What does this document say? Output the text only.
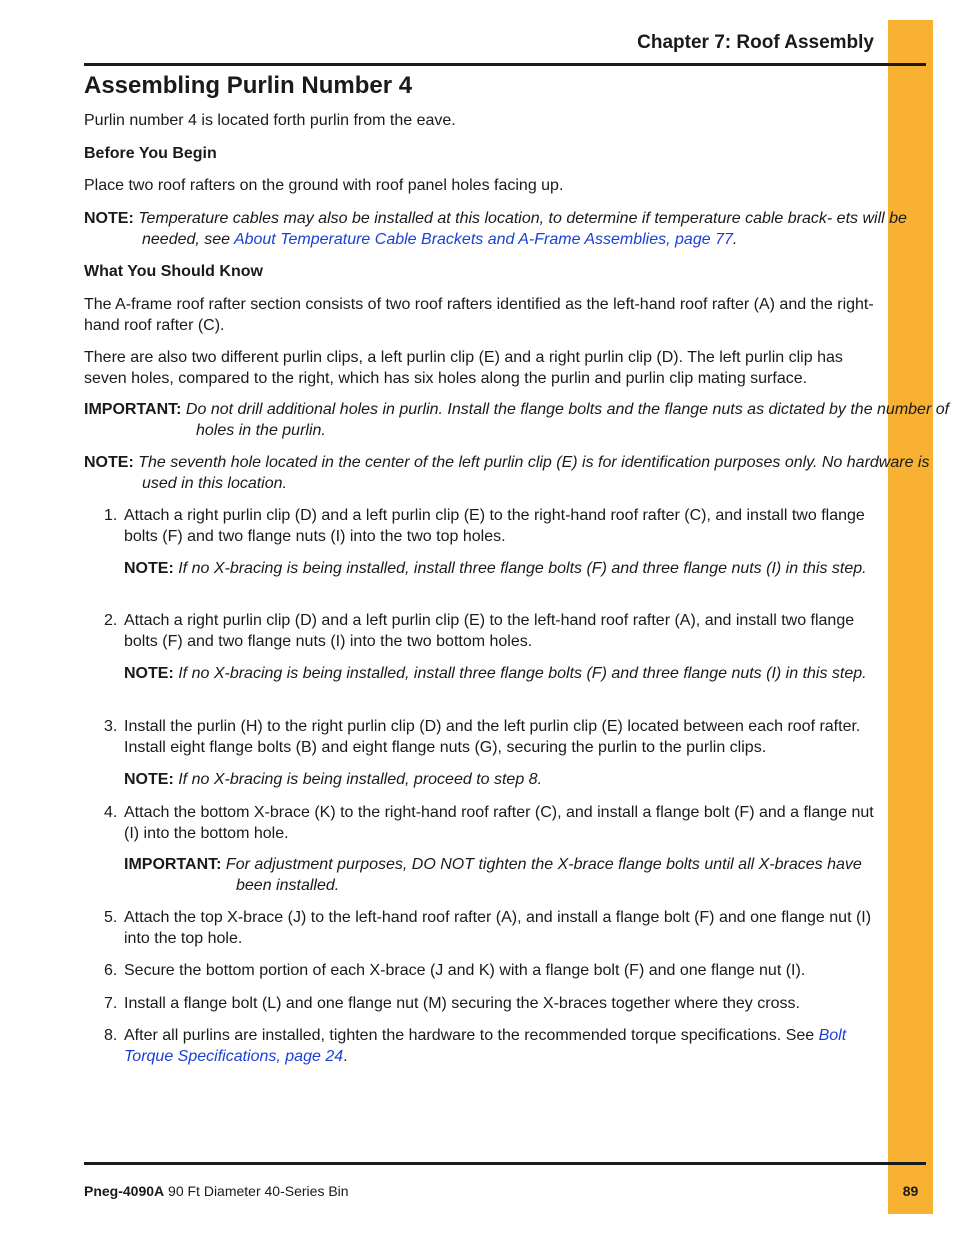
Chapter 7: Roof Assembly
Assembling Purlin Number 4

Purlin number 4 is located forth purlin from the eave.

Before You Begin

Place two roof rafters on the ground with roof panel holes facing up.

NOTE: Temperature cables may also be installed at this location, to determine if temperature cable brack- ets will be needed, see About Temperature Cable Brackets and A-Frame Assemblies, page 77.

What You Should Know

The A-frame roof rafter section consists of two roof rafters identified as the left-hand roof rafter (A) and the right-hand roof rafter (C).

There are also two different purlin clips, a left purlin clip (E) and a right purlin clip (D). The left purlin clip has seven holes, compared to the right, which has six holes along the purlin and purlin clip mating surface.

IMPORTANT: Do not drill additional holes in purlin. Install the flange bolts and the flange nuts as dictated by the number of holes in the purlin.

NOTE: The seventh hole located in the center of the left purlin clip (E) is for identification purposes only. No hardware is used in this location.

1. Attach a right purlin clip (D) and a left purlin clip (E) to the right-hand roof rafter (C), and install two flange bolts (F) and two flange nuts (I) into the two top holes.

NOTE: If no X-bracing is being installed, install three flange bolts (F) and three flange nuts (I) in this step.

2. Attach a right purlin clip (D) and a left purlin clip (E) to the left-hand roof rafter (A), and install two flange bolts (F) and two flange nuts (I) into the two bottom holes.

NOTE: If no X-bracing is being installed, install three flange bolts (F) and three flange nuts (I) in this step.

3. Install the purlin (H) to the right purlin clip (D) and the left purlin clip (E) located between each roof rafter. Install eight flange bolts (B) and eight flange nuts (G), securing the purlin to the purlin clips.

NOTE: If no X-bracing is being installed, proceed to step 8.

4. Attach the bottom X-brace (K) to the right-hand roof rafter (C), and install a flange bolt (F) and a flange nut (I) into the bottom hole.

IMPORTANT: For adjustment purposes, DO NOT tighten the X-brace flange bolts until all X-braces have been installed.

5. Attach the top X-brace (J) to the left-hand roof rafter (A), and install a flange bolt (F) and one flange nut (I) into the top hole.
6. Secure the bottom portion of each X-brace (J and K) with a flange bolt (F) and one flange nut (I).
7. Install a flange bolt (L) and one flange nut (M) securing the X-braces together where they cross.
8. After all purlins are installed, tighten the hardware to the recommended torque specifications. See Bolt Torque Specifications, page 24.
Pneg-4090A 90 Ft Diameter 40-Series Bin	89
